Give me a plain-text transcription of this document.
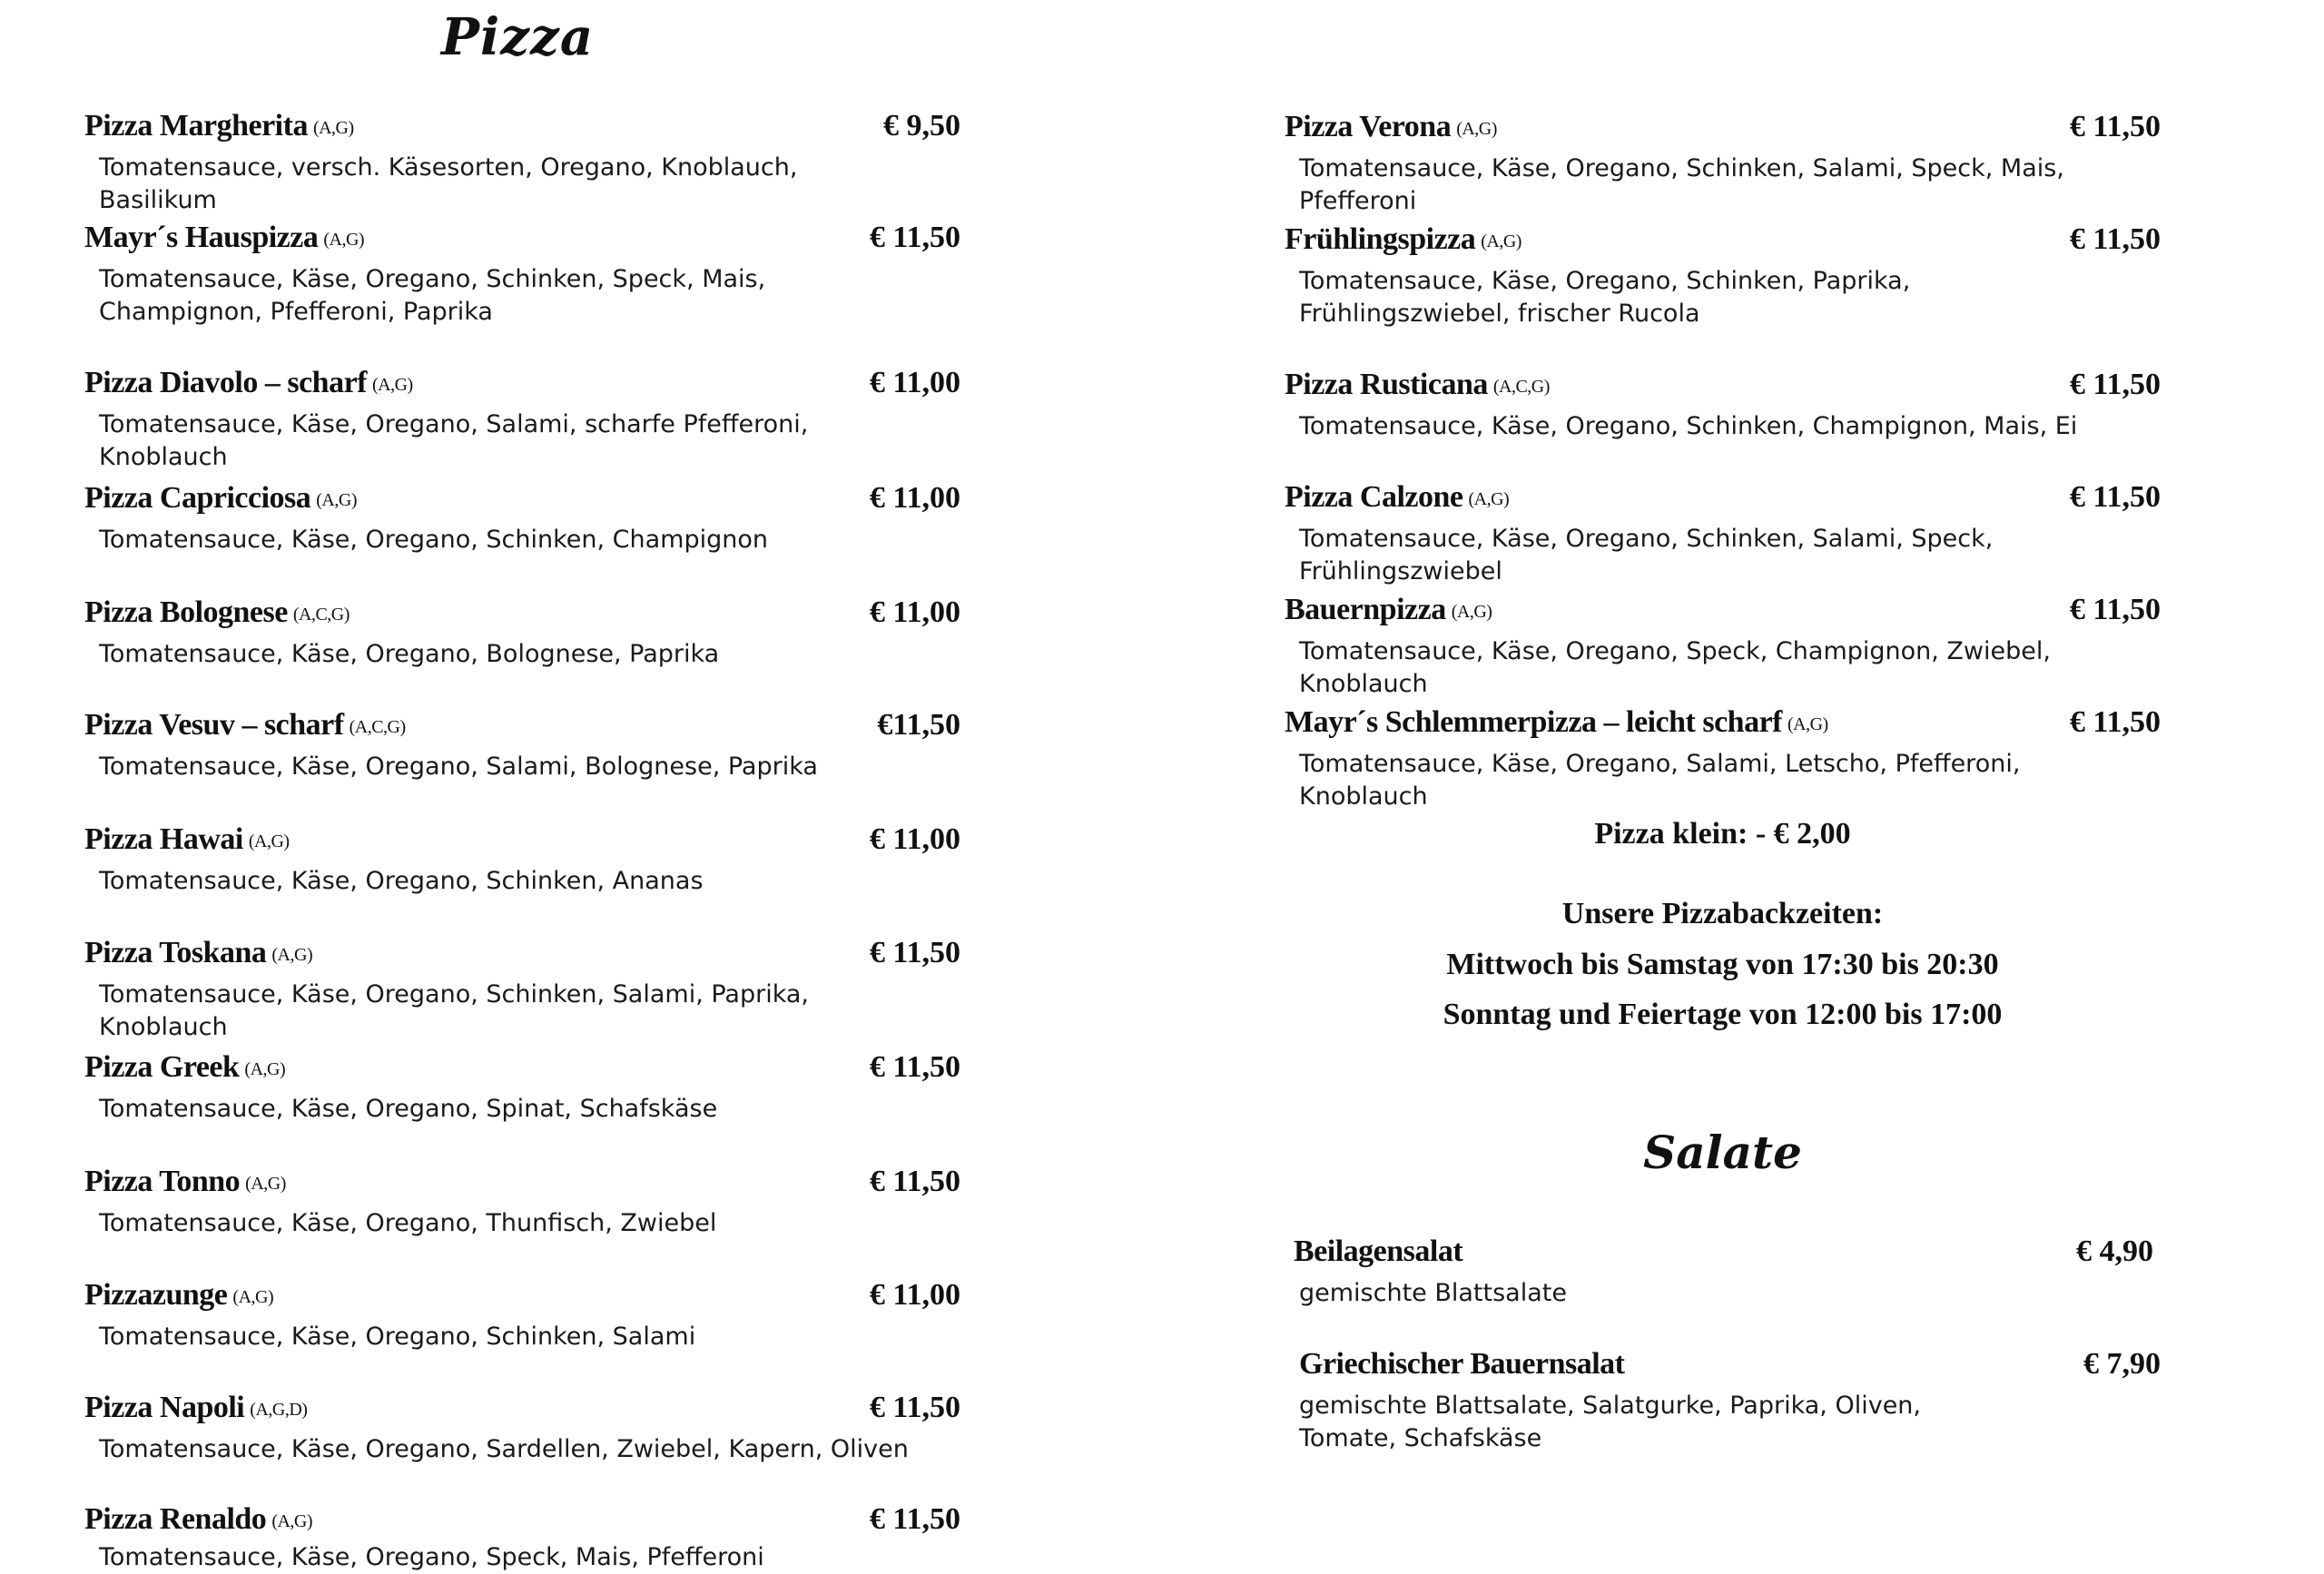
Pizza
Pizza Margherita (A,G)	€ 9,50
Tomatensauce, versch. Käsesorten, Oregano, Knoblauch, Basilikum
Mayr´s Hauspizza (A,G)	€ 11,50
Tomatensauce, Käse, Oregano, Schinken, Speck, Mais, Champignon, Pfefferoni, Paprika
Pizza Diavolo – scharf (A,G)	€ 11,00
Tomatensauce, Käse, Oregano, Salami, scharfe Pfefferoni, Knoblauch
Pizza Capricciosa (A,G)	€ 11,00
Tomatensauce, Käse, Oregano, Schinken, Champignon
Pizza Bolognese (A,C,G)	€ 11,00
Tomatensauce, Käse, Oregano, Bolognese, Paprika
Pizza Vesuv – scharf (A,C,G)	€11,50
Tomatensauce, Käse, Oregano, Salami, Bolognese, Paprika
Pizza Hawai (A,G)	€ 11,00
Tomatensauce, Käse, Oregano, Schinken, Ananas
Pizza Toskana (A,G)	€ 11,50
Tomatensauce, Käse, Oregano, Schinken, Salami, Paprika, Knoblauch
Pizza Greek (A,G)	€ 11,50
Tomatensauce, Käse, Oregano, Spinat, Schafskäse
Pizza Tonno (A,G)	€ 11,50
Tomatensauce, Käse, Oregano, Thunfisch, Zwiebel
Pizzazunge (A,G)	€ 11,00
Tomatensauce, Käse, Oregano, Schinken, Salami
Pizza Napoli (A,G,D)	€ 11,50
Tomatensauce, Käse, Oregano, Sardellen, Zwiebel, Kapern, Oliven
Pizza Renaldo (A,G)	€ 11,50
Tomatensauce, Käse, Oregano, Speck, Mais, Pfefferoni
Pizza Verona (A,G)	€ 11,50
Tomatensauce, Käse, Oregano, Schinken, Salami, Speck, Mais, Pfefferoni
Frühlingspizza (A,G)	€ 11,50
Tomatensauce, Käse, Oregano, Schinken, Paprika, Frühlingszwiebel, frischer Rucola
Pizza Rusticana (A,C,G)	€ 11,50
Tomatensauce, Käse, Oregano, Schinken, Champignon, Mais, Ei
Pizza Calzone (A,G)	€ 11,50
Tomatensauce, Käse, Oregano, Schinken, Salami, Speck, Frühlingszwiebel
Bauernpizza (A,G)	€ 11,50
Tomatensauce, Käse, Oregano, Speck, Champignon, Zwiebel, Knoblauch
Mayr´s Schlemmerpizza – leicht scharf (A,G)	€ 11,50
Tomatensauce, Käse, Oregano, Salami, Letscho, Pfefferoni, Knoblauch
Beilagensalat	€ 4,90
gemischte Blattsalate
Griechischer Bauernsalat	€ 7,90
gemischte Blattsalate, Salatgurke, Paprika, Oliven, Tomate, Schafskäse
Pizza klein: - € 2,00
Unsere Pizzabackzeiten:
Mittwoch bis Samstag von 17:30 bis 20:30
Sonntag und Feiertage von 12:00 bis 17:00
Salate
